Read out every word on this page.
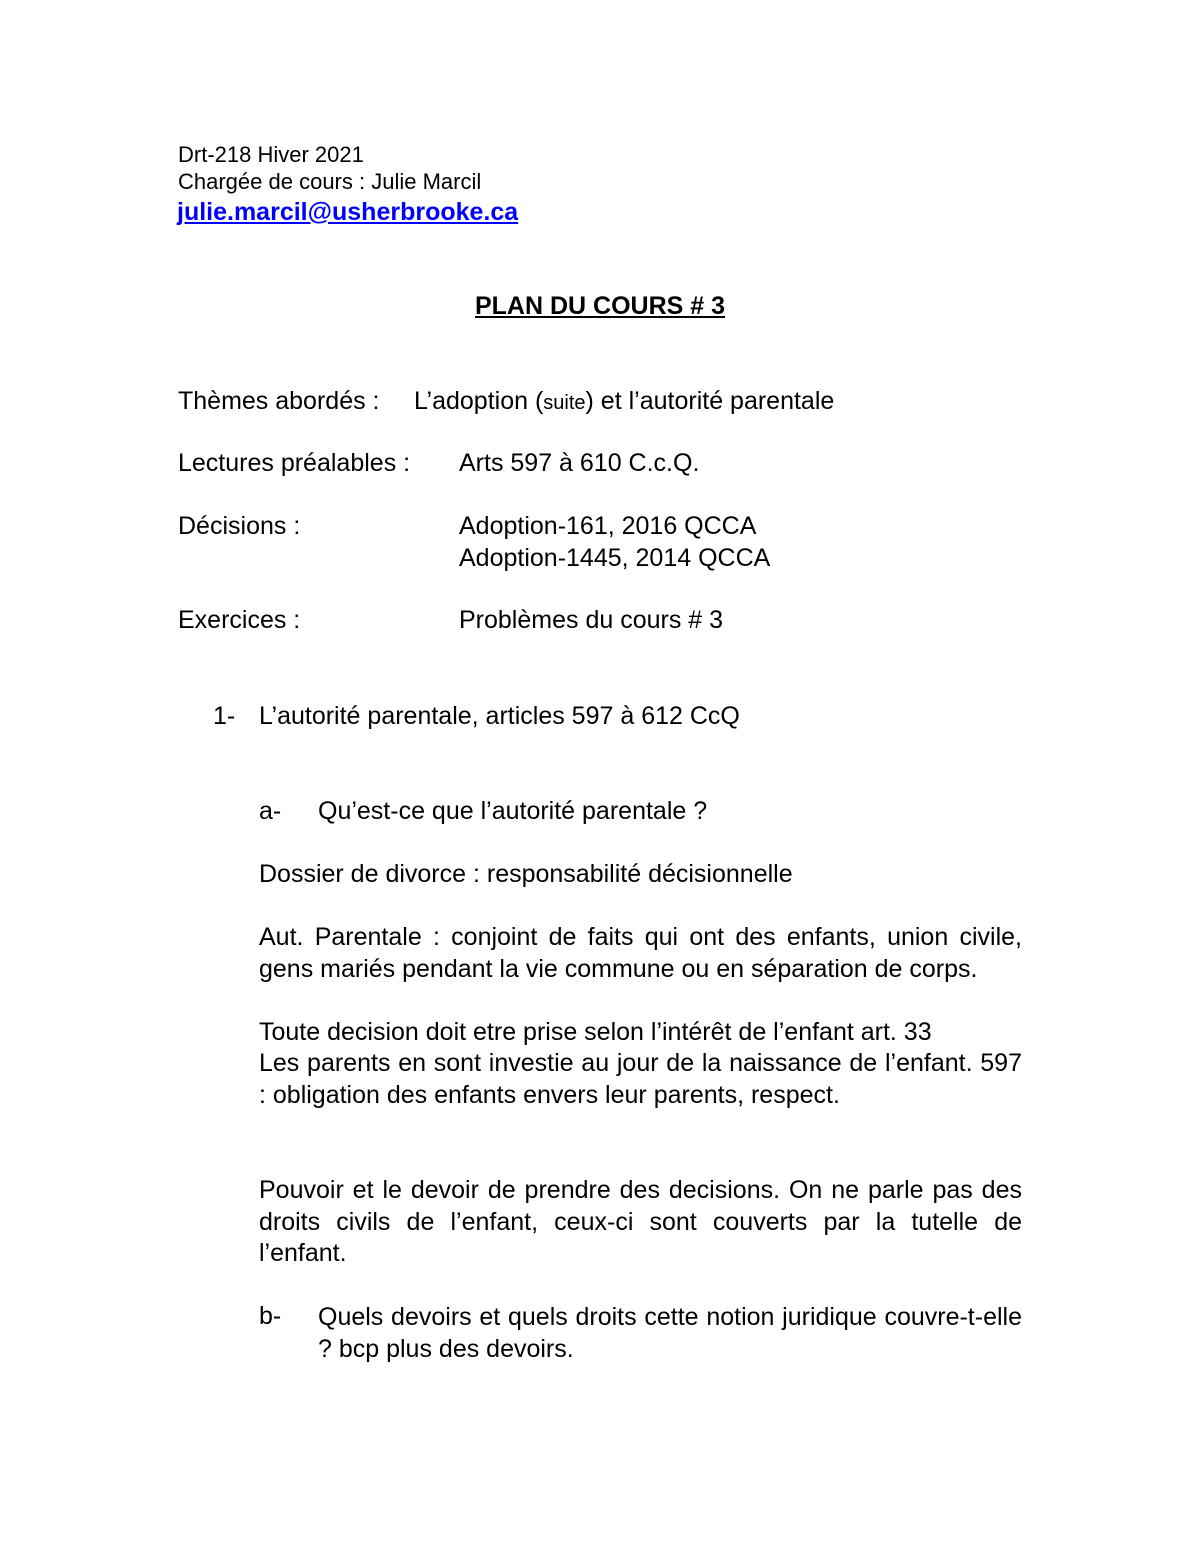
Drt-218 Hiver 2021
Chargée de cours : Julie Marcil
julie.marcil@usherbrooke.ca
PLAN DU COURS # 3
Thèmes abordés : L’adoption (suite) et l’autorité parentale
Lectures préalables : Arts 597 à 610 C.c.Q.
Décisions :	Adoption-161, 2016 QCCA
Adoption-1445, 2014 QCCA
Exercices :	Problèmes du cours # 3
1- L’autorité parentale, articles 597 à 612 CcQ
a- Qu’est-ce que l’autorité parentale ?
Dossier de divorce : responsabilité décisionnelle

Aut. Parentale : conjoint de faits qui ont des enfants, union civile, gens mariés pendant la vie commune ou en séparation de corps.

Toute decision doit etre prise selon l’intérêt de l’enfant art. 33

Les parents en sont investie au jour de la naissance de l’enfant. 597 : obligation des enfants envers leur parents, respect.

Pouvoir et le devoir de prendre des decisions. On ne parle pas des droits civils de l’enfant, ceux-ci sont couverts par la tutelle de l’enfant.

b- Quels devoirs et quels droits cette notion juridique couvre-t-elle ? bcp plus des devoirs.
